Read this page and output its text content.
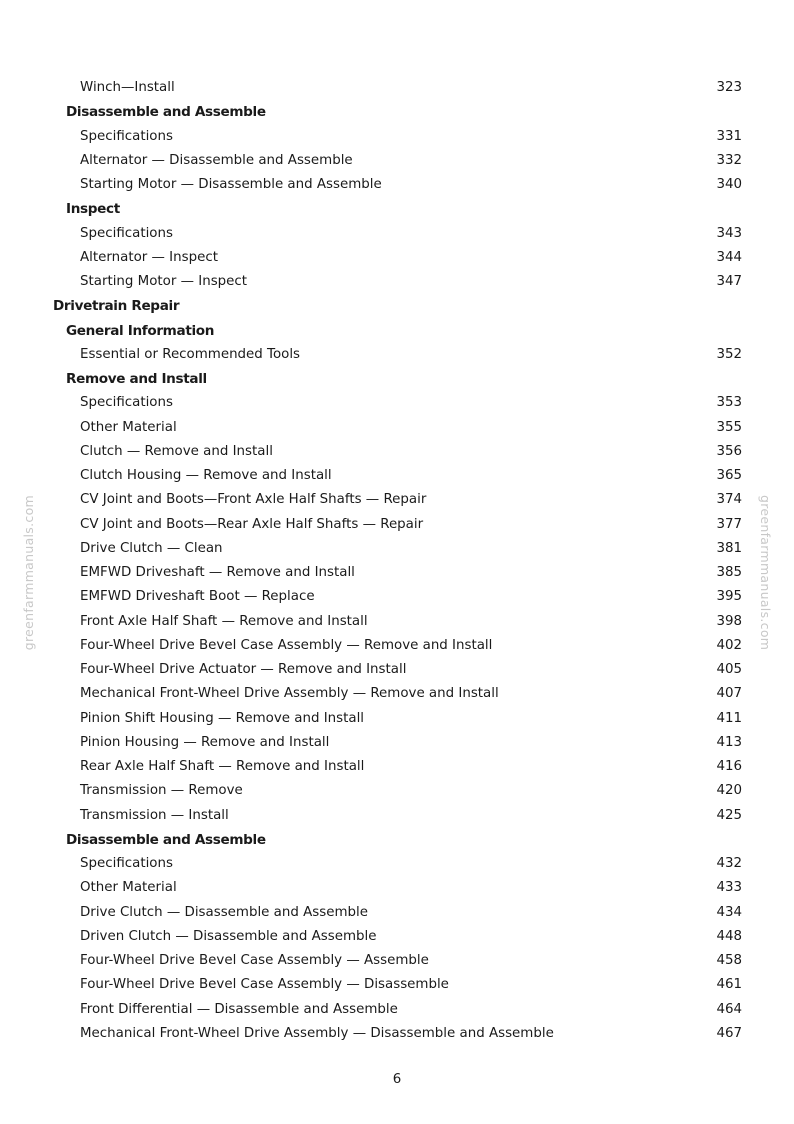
greenfarmmanuals.com	greenfarmmanuals.com
Winch—Install	323
Disassemble and Assemble
Specifications	331
Alternator — Disassemble and Assemble	332
Starting Motor — Disassemble and Assemble	340
Inspect
Specifications	343
Alternator — Inspect	344
Starting Motor — Inspect	347
Drivetrain Repair
General Information
Essential or Recommended Tools	352
Remove and Install
Specifications	353
Other Material	355
Clutch — Remove and Install	356
Clutch Housing — Remove and Install	365
CV Joint and Boots—Front Axle Half Shafts — Repair	374
CV Joint and Boots—Rear Axle Half Shafts — Repair	377
Drive Clutch — Clean	381
EMFWD Driveshaft — Remove and Install	385
EMFWD Driveshaft Boot — Replace	395
Front Axle Half Shaft — Remove and Install	398
Four-Wheel Drive Bevel Case Assembly — Remove and Install	402
Four-Wheel Drive Actuator — Remove and Install	405
Mechanical Front-Wheel Drive Assembly — Remove and Install	407
Pinion Shift Housing — Remove and Install	411
Pinion Housing — Remove and Install	413
Rear Axle Half Shaft — Remove and Install	416
Transmission — Remove	420
Transmission — Install	425
Disassemble and Assemble
Specifications	432
Other Material	433
Drive Clutch — Disassemble and Assemble	434
Driven Clutch — Disassemble and Assemble	448
Four-Wheel Drive Bevel Case Assembly — Assemble	458
Four-Wheel Drive Bevel Case Assembly — Disassemble	461
Front Differential — Disassemble and Assemble	464
Mechanical Front-Wheel Drive Assembly — Disassemble and Assemble	467
6
